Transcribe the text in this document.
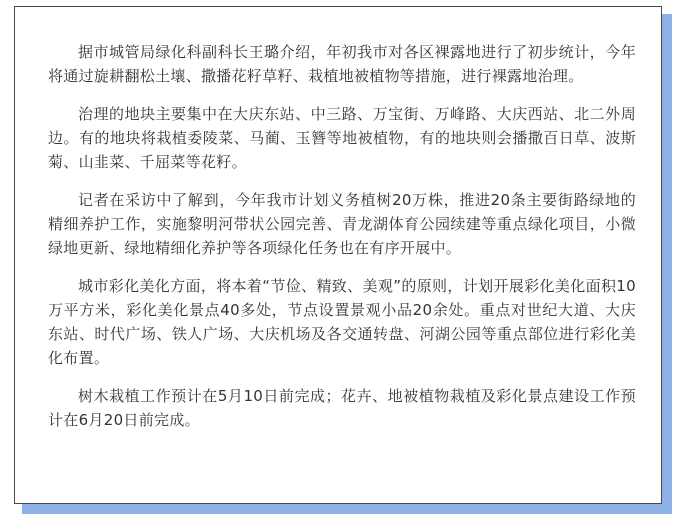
据市城管局绿化科副科长王璐介绍，年初我市对各区裸露地进行了初步统计，今年将通过旋耕翻松土壤、撒播花籽草籽、栽植地被植物等措施，进行裸露地治理。

治理的地块主要集中在大庆东站、中三路、万宝街、万峰路、大庆西站、北二外周边。有的地块将栽植委陵菜、马蔺、玉簪等地被植物，有的地块则会播撒百日草、波斯菊、山韭菜、千屈菜等花籽。

记者在采访中了解到，今年我市计划义务植树20万株，推进20条主要街路绿地的精细养护工作，实施黎明河带状公园完善、青龙湖体育公园续建等重点绿化项目，小微绿地更新、绿地精细化养护等各项绿化任务也在有序开展中。

城市彩化美化方面，将本着“节俭、精致、美观”的原则，计划开展彩化美化面积10万平方米，彩化美化景点40多处，节点设置景观小品20余处。重点对世纪大道、大庆东站、时代广场、铁人广场、大庆机场及各交通转盘、河湖公园等重点部位进行彩化美化布置。

树木栽植工作预计在5月10日前完成；花卉、地被植物栽植及彩化景点建设工作预计在6月20日前完成。
